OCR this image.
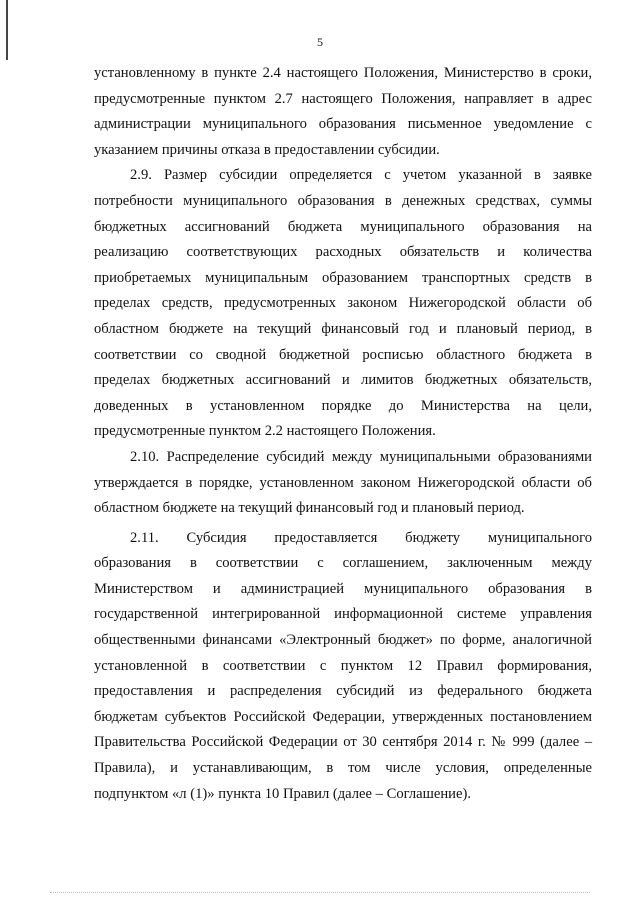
5
установленному в пункте 2.4 настоящего Положения, Министерство в сроки,
предусмотренные пунктом 2.7 настоящего Положения, направляет в адрес
администрации муниципального образования письменное уведомление с
указанием причины отказа в предоставлении субсидии.
2.9. Размер субсидии определяется с учетом указанной в заявке
потребности муниципального образования в денежных средствах, суммы
бюджетных ассигнований бюджета муниципального образования на
реализацию соответствующих расходных обязательств и количества
приобретаемых муниципальным образованием транспортных средств в
пределах средств, предусмотренных законом Нижегородской области об
областном бюджете на текущий финансовый год и плановый период, в
соответствии со сводной бюджетной росписью областного бюджета в
пределах бюджетных ассигнований и лимитов бюджетных обязательств,
доведенных в установленном порядке до Министерства на цели,
предусмотренные пунктом 2.2 настоящего Положения.
2.10. Распределение субсидий между муниципальными образованиями
утверждается в порядке, установленном законом Нижегородской области об
областном бюджете на текущий финансовый год и плановый период.
2.11. Субсидия предоставляется бюджету муниципального
образования в соответствии с соглашением, заключенным между
Министерством и администрацией муниципального образования в
государственной интегрированной информационной системе управления
общественными финансами «Электронный бюджет» по форме, аналогичной
установленной в соответствии с пунктом 12 Правил формирования,
предоставления и распределения субсидий из федерального бюджета
бюджетам субъектов Российской Федерации, утвержденных постановлением
Правительства Российской Федерации от 30 сентября 2014 г. № 999 (далее –
Правила), и устанавливающим, в том числе условия, определенные
подпунктом «л (1)» пункта 10 Правил (далее – Соглашение).
